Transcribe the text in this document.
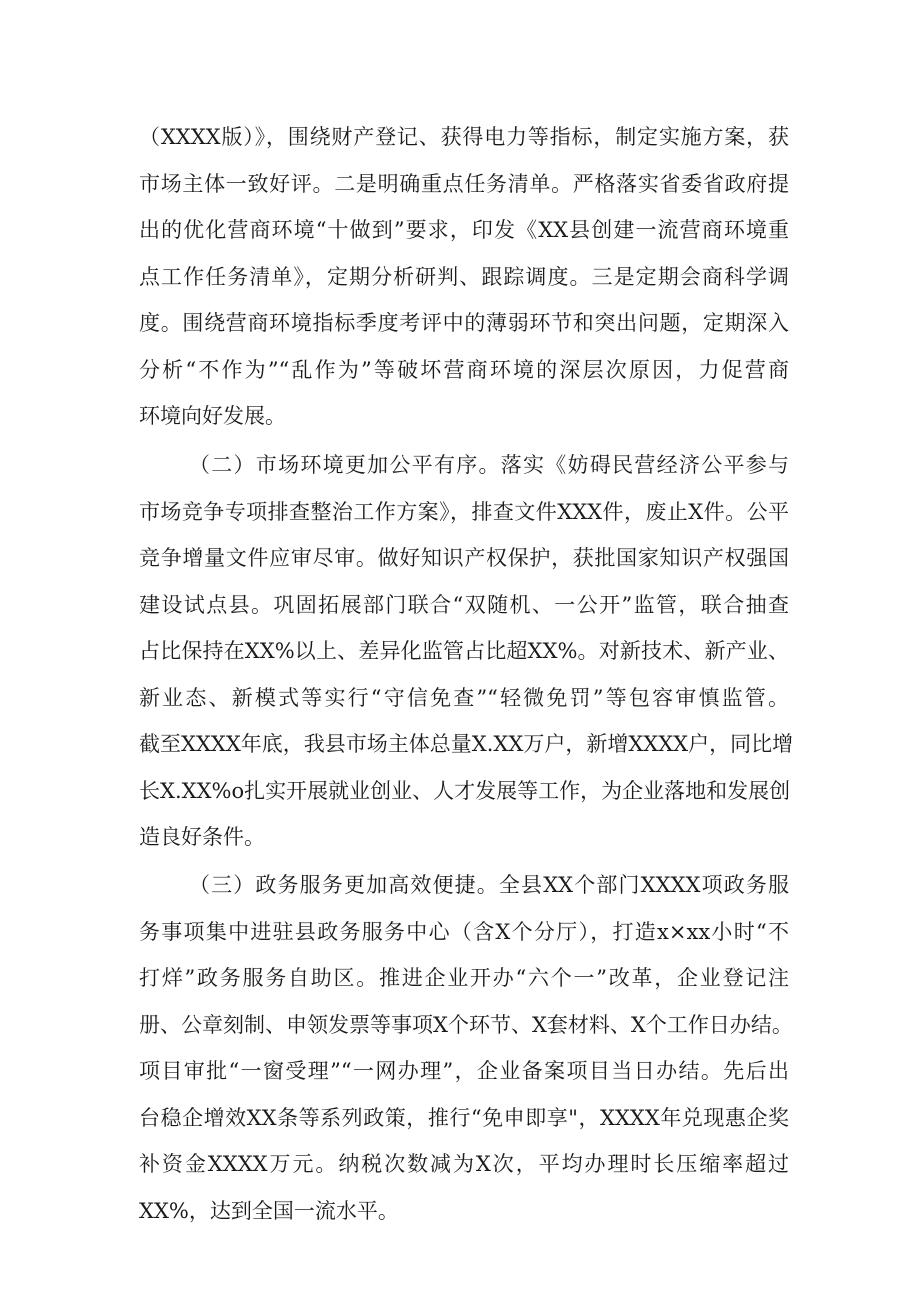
（XXXX版）》，围绕财产登记、获得电力等指标，制定实施方案，获
市场主体一致好评。二是明确重点任务清单。严格落实省委省政府提
出的优化营商环境“十做到”要求，印发《XX县创建一流营商环境重
点工作任务清单》，定期分析研判、跟踪调度。三是定期会商科学调
度。围绕营商环境指标季度考评中的薄弱环节和突出问题，定期深入
分析“不作为”“乱作为”等破坏营商环境的深层次原因，力促营商
环境向好发展。
（二）市场环境更加公平有序。落实《妨碍民营经济公平参与
市场竞争专项排查整治工作方案》，排查文件XXX件，废止X件。公平
竞争增量文件应审尽审。做好知识产权保护，获批国家知识产权强国
建设试点县。巩固拓展部门联合“双随机、一公开”监管，联合抽查
占比保持在XX%以上、差异化监管占比超XX%。对新技术、新产业、
新业态、新模式等实行“守信免查”“轻微免罚”等包容审慎监管。
截至XXXX年底，我县市场主体总量X.XX万户，新增XXXX户，同比增
长X.XX%o扎实开展就业创业、人才发展等工作，为企业落地和发展创
造良好条件。
（三）政务服务更加高效便捷。全县XX个部门XXXX项政务服
务事项集中进驻县政务服务中心（含X个分厅），打造x×xx小时“不
打烊”政务服务自助区。推进企业开办“六个一”改革，企业登记注
册、公章刻制、申领发票等事项X个环节、X套材料、X个工作日办结。
项目审批“一窗受理”“一网办理”，企业备案项目当日办结。先后出
台稳企增效XX条等系列政策，推行“免申即享"，XXXX年兑现惠企奖
补资金XXXX万元。纳税次数减为X次，平均办理时长压缩率超过
XX%，达到全国一流水平。
